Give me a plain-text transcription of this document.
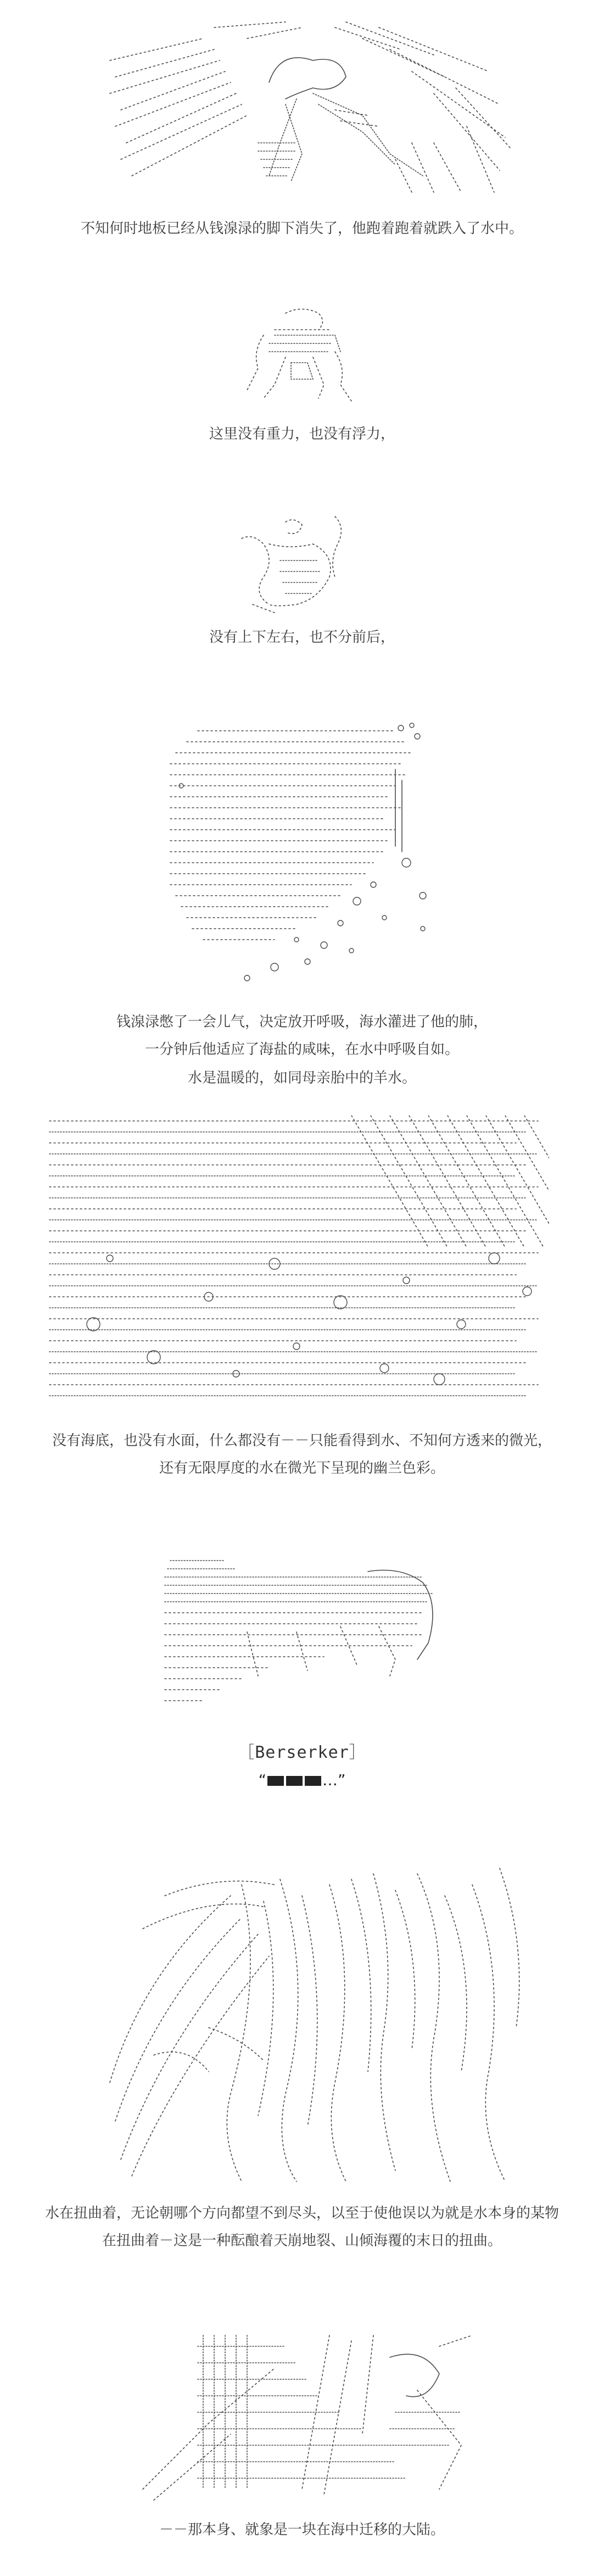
不知何时地板已经从钱湶渌的脚下消失了，他跑着跑着就跌入了水中。
这里没有重力，也没有浮力，
没有上下左右，也不分前后，
钱湶渌憋了一会儿气，决定放开呼吸，海水灌进了他的肺，
一分钟后他适应了海盐的咸味，在水中呼吸自如。
水是温暖的，如同母亲胎中的羊水。
没有海底，也没有水面，什么都没有－－只能看得到水、不知何方透来的微光，
还有无限厚度的水在微光下呈现的幽兰色彩。
［Berserker］
“	…”
水在扭曲着，无论朝哪个方向都望不到尽头，以至于使他误以为就是水本身的某物
在扭曲着－这是一种酝酿着天崩地裂、山倾海覆的末日的扭曲。
－－那本身、就象是一块在海中迁移的大陆。
